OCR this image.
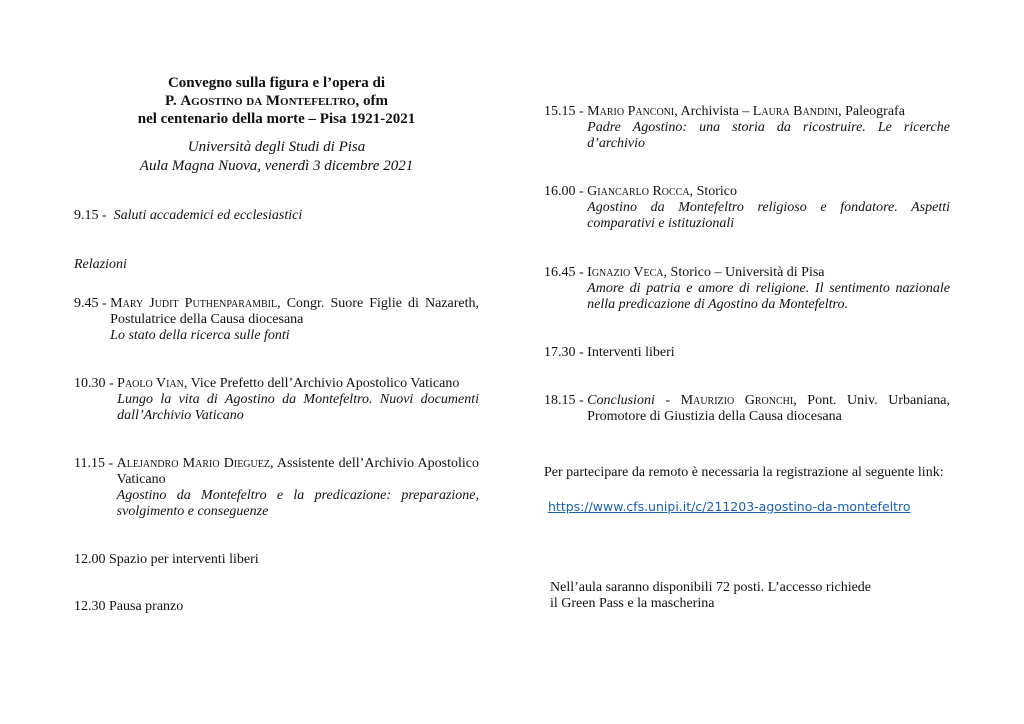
Convegno sulla figura e l’opera di
P. Agostino da Montefeltro, ofm
nel centenario della morte – Pisa 1921-2021
Università degli Studi di Pisa
Aula Magna Nuova, venerdì 3 dicembre 2021
9.15 - Saluti accademici ed ecclesiastici
Relazioni
9.45 - Mary Judit Puthenparambil, Congr. Suore Figlie di Nazareth, Postulatrice della Causa diocesana
Lo stato della ricerca sulle fonti
10.30 - Paolo Vian, Vice Prefetto dell’Archivio Apostolico Vaticano
Lungo la vita di Agostino da Montefeltro. Nuovi documenti dall’Archivio Vaticano
11.15 - Alejandro Mario Dieguez, Assistente dell’Archivio Apostolico Vaticano
Agostino da Montefeltro e la predicazione: preparazione, svolgimento e conseguenze
12.00 Spazio per interventi liberi
12.30 Pausa pranzo
15.15 - Mario Panconi, Archivista – Laura Bandini, Paleografa
Padre Agostino: una storia da ricostruire. Le ricerche d’archivio
16.00 - Giancarlo Rocca, Storico
Agostino da Montefeltro religioso e fondatore. Aspetti comparativi e istituzionali
16.45 - Ignazio Veca, Storico – Università di Pisa
Amore di patria e amore di religione. Il sentimento nazionale nella predicazione di Agostino da Montefeltro.
17.30 - Interventi liberi
18.15 - Conclusioni - Maurizio Gronchi, Pont. Univ. Urbaniana, Promotore di Giustizia della Causa diocesana
Per partecipare da remoto è necessaria la registrazione al seguente link:
https://www.cfs.unipi.it/c/211203-agostino-da-montefeltro
Nell’aula saranno disponibili 72 posti. L’accesso richiede
il Green Pass e la mascherina
